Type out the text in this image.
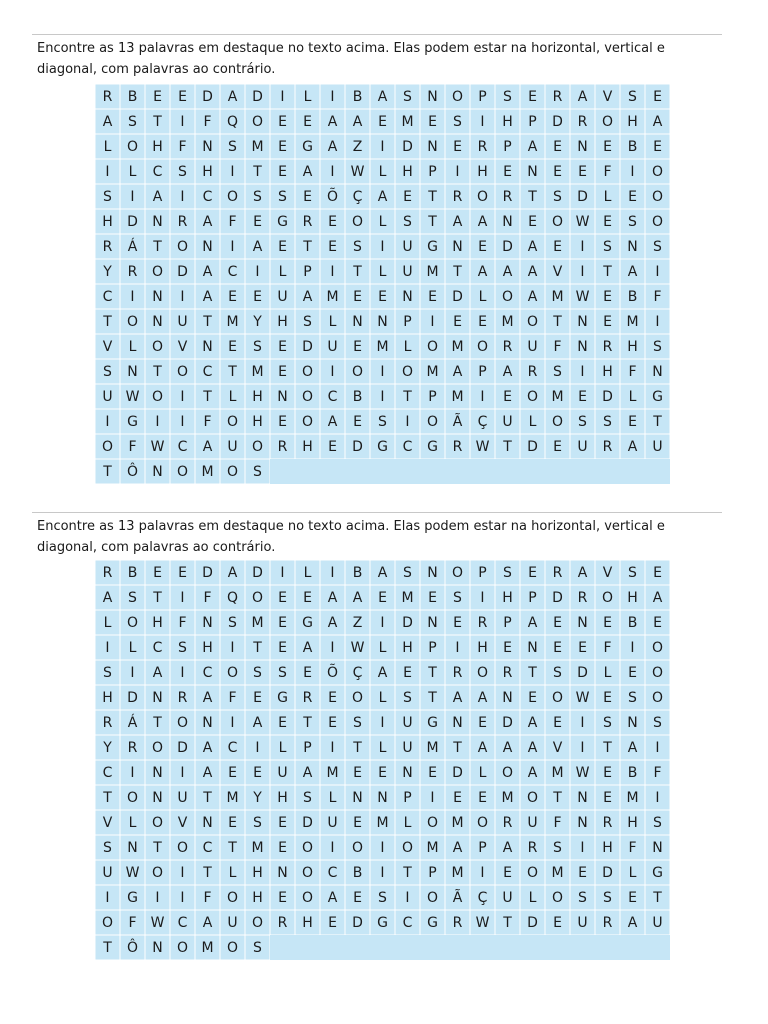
Encontre as 13 palavras em destaque no texto acima. Elas podem estar na horizontal, vertical e diagonal, com palavras ao contrário.
R	B	E	E	D	A	D	I	L	I	B	A	S	N	O	P	S	E	R	A	V	S	E
A	S	T	I	F	Q O	E	E	A	A	E	M	E	S	I	H	P	D	R	O	H	A
L	O	H	F	N	S	M	E	G	A	Z	I	D	N	E	R	P	A	E	N	E	B	E
I	L	C	S	H	I	T	E	A	I	W	L	H	P	I	H	E	N	E	E	F	I	O
S	I	A	I	C	O	S	S	E	Õ	Ç	A	E	T	R	O	R	T	S	D	L	E	O
H	D	N	R	A	F	E	G	R	E	O	L	S	T	A	A	N	E	O W E	S	O
R	Á	T	O	N	I	A	E	T	E	S	I	U	G	N	E	D	A	E	I	S	N	S
Y	R	O	D	A	C	I	L	P	I	T	L	U M	T	A	A	A	V	I	T	A	I
C	I	N	I	A	E	E	U	A	M	E	E	N	E	D	L	O	A	M W E	B	F
T	O	N	U	T	M	Y	H	S	L	N	N	P	I	E	E	M O	T	N	E	M	I
V	L	O	V	N	E	S	E	D	U	E	M	L	O M O	R	U	F	N	R	H	S
S	N	T	O	C	T	M	E	O	I	O	I	O M	A	P	A	R	S	I	H	F	N
U W O	I	T	L	H	N	O	C	B	I	T	P	M	I	E	O M	E	D	L	G
I	G	I	I	F	O	H	E	O	A	E	S	I	O	Ã	Ç	U	L	O	S	S	E	T
O	F	W C	A	U	O	R	H	E	D	G	C	G	R W T	D	E	U	R	A	U
T	Ô	N	O M O	S
Encontre as 13 palavras em destaque no texto acima. Elas podem estar na horizontal, vertical e diagonal, com palavras ao contrário.
R	B	E	E	D	A	D	I	L	I	B	A	S	N	O	P	S	E	R	A	V	S	E
A	S	T	I	F	Q O	E	E	A	A	E	M	E	S	I	H	P	D	R	O	H	A
L	O	H	F	N	S	M	E	G	A	Z	I	D	N	E	R	P	A	E	N	E	B	E
I	L	C	S	H	I	T	E	A	I	W	L	H	P	I	H	E	N	E	E	F	I	O
S	I	A	I	C	O	S	S	E	Õ	Ç	A	E	T	R	O	R	T	S	D	L	E	O
H	D	N	R	A	F	E	G	R	E	O	L	S	T	A	A	N	E	O W E	S	O
R	Á	T	O	N	I	A	E	T	E	S	I	U	G	N	E	D	A	E	I	S	N	S
Y	R	O	D	A	C	I	L	P	I	T	L	U M	T	A	A	A	V	I	T	A	I
C	I	N	I	A	E	E	U	A	M	E	E	N	E	D	L	O	A	M W E	B	F
T	O	N	U	T	M	Y	H	S	L	N	N	P	I	E	E	M O	T	N	E	M	I
V	L	O	V	N	E	S	E	D	U	E	M	L	O M O	R	U	F	N	R	H	S
S	N	T	O	C	T	M	E	O	I	O	I	O M	A	P	A	R	S	I	H	F	N
U W O	I	T	L	H	N	O	C	B	I	T	P	M	I	E	O M	E	D	L	G
I	G	I	I	F	O	H	E	O	A	E	S	I	O	Ã	Ç	U	L	O	S	S	E	T
O	F	W C	A	U	O	R	H	E	D	G	C	G	R W T	D	E	U	R	A	U
T	Ô	N	O M O	S
